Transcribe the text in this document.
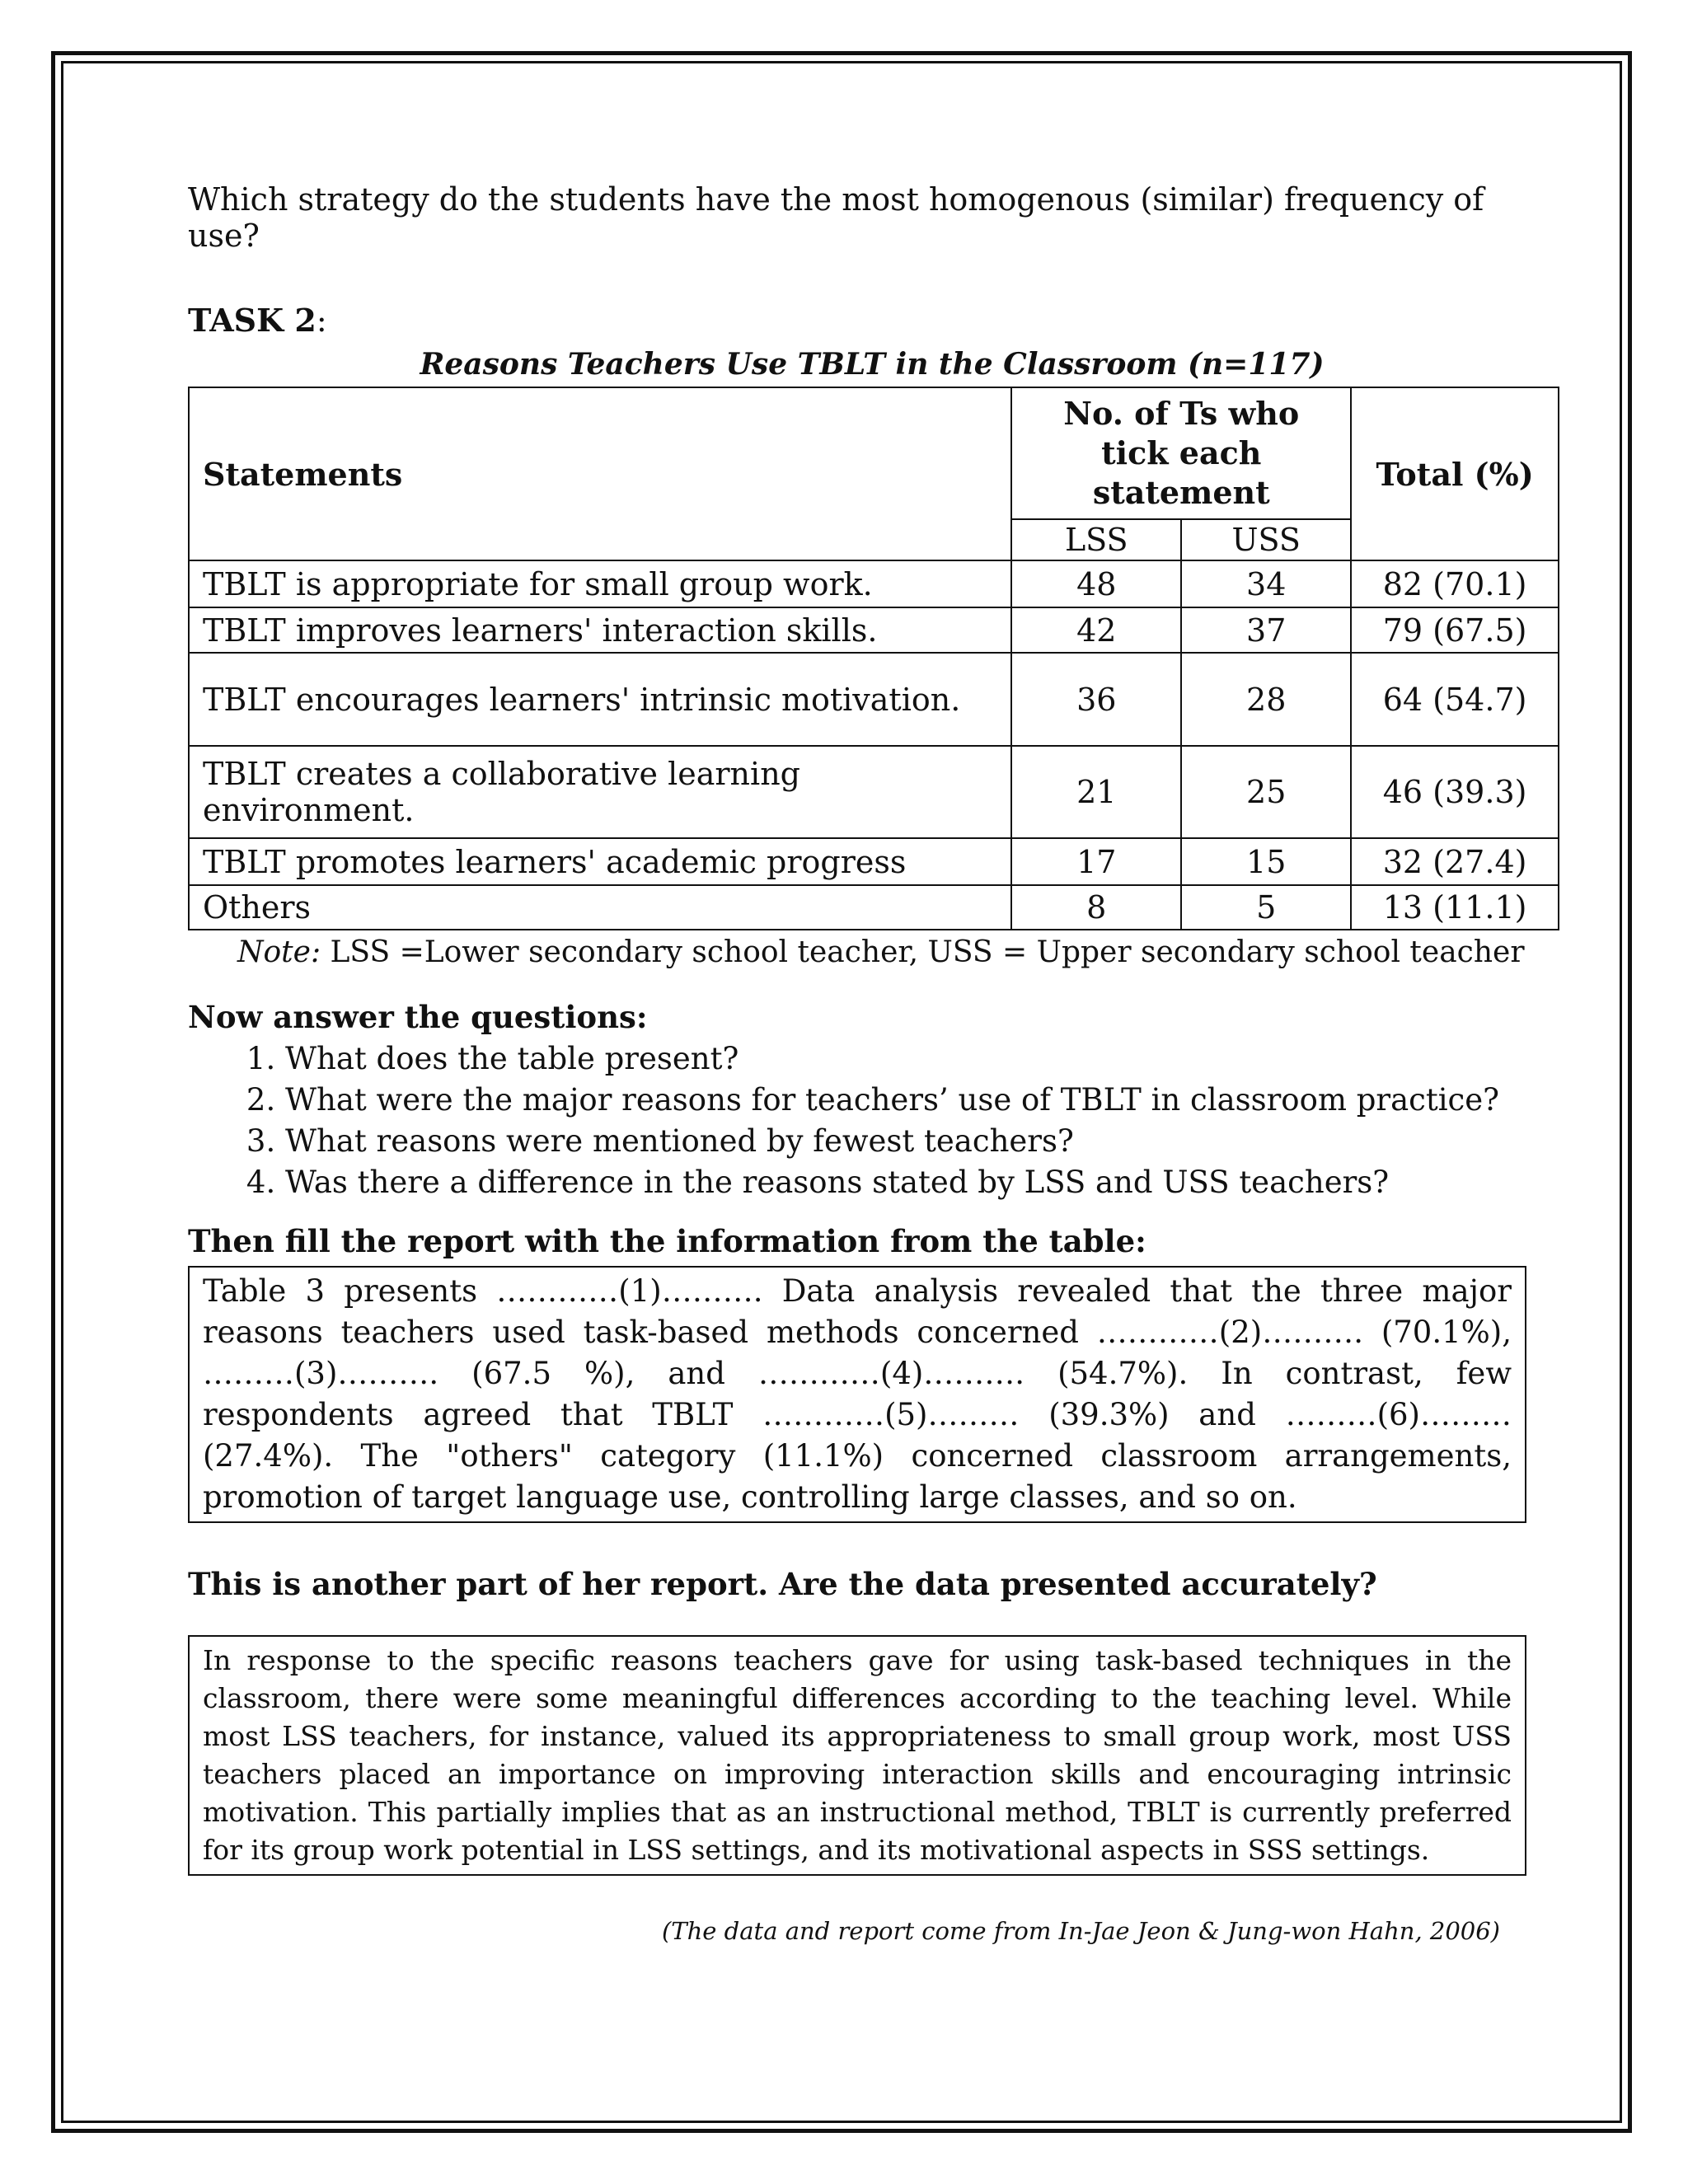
Which strategy do the students have the most homogenous (similar) frequency of use?

TASK 2:
Reasons Teachers Use TBLT in the Classroom (n=117)
Statements	No. of Ts who tick each statement		Total (%)
	LSS	USS	
TBLT is appropriate for small group work.	48	34	82 (70.1)
TBLT improves learners' interaction skills.	42	37	79 (67.5)
TBLT encourages learners' intrinsic motivation.	36	28	64 (54.7)
TBLT creates a collaborative learning environment.	21	25	46 (39.3)
TBLT promotes learners' academic progress	17	15	32 (27.4)
Others	8	5	13 (11.1)
Note: LSS =Lower secondary school teacher, USS = Upper secondary school teacher
Now answer the questions:
1. What does the table present?
2. What were the major reasons for teachers’ use of TBLT in classroom practice?
3. What reasons were mentioned by fewest teachers?
4. Was there a difference in the reasons stated by LSS and USS teachers?
Then fill the report with the information from the table:
Table 3 presents …………(1)………. Data analysis revealed that the three major reasons teachers used task-based methods concerned …………(2)………. (70.1%), ………(3)………. (67.5 %), and …………(4)………. (54.7%). In contrast, few respondents agreed that TBLT …………(5)……… (39.3%) and ………(6)……… (27.4%). The "others" category (11.1%) concerned classroom arrangements, promotion of target language use, controlling large classes, and so on.
This is another part of her report. Are the data presented accurately?
In response to the specific reasons teachers gave for using task-based techniques in the classroom, there were some meaningful differences according to the teaching level. While most LSS teachers, for instance, valued its appropriateness to small group work, most USS teachers placed an importance on improving interaction skills and encouraging intrinsic motivation. This partially implies that as an instructional method, TBLT is currently preferred for its group work potential in LSS settings, and its motivational aspects in SSS settings.
(The data and report come from In-Jae Jeon & Jung-won Hahn, 2006)
